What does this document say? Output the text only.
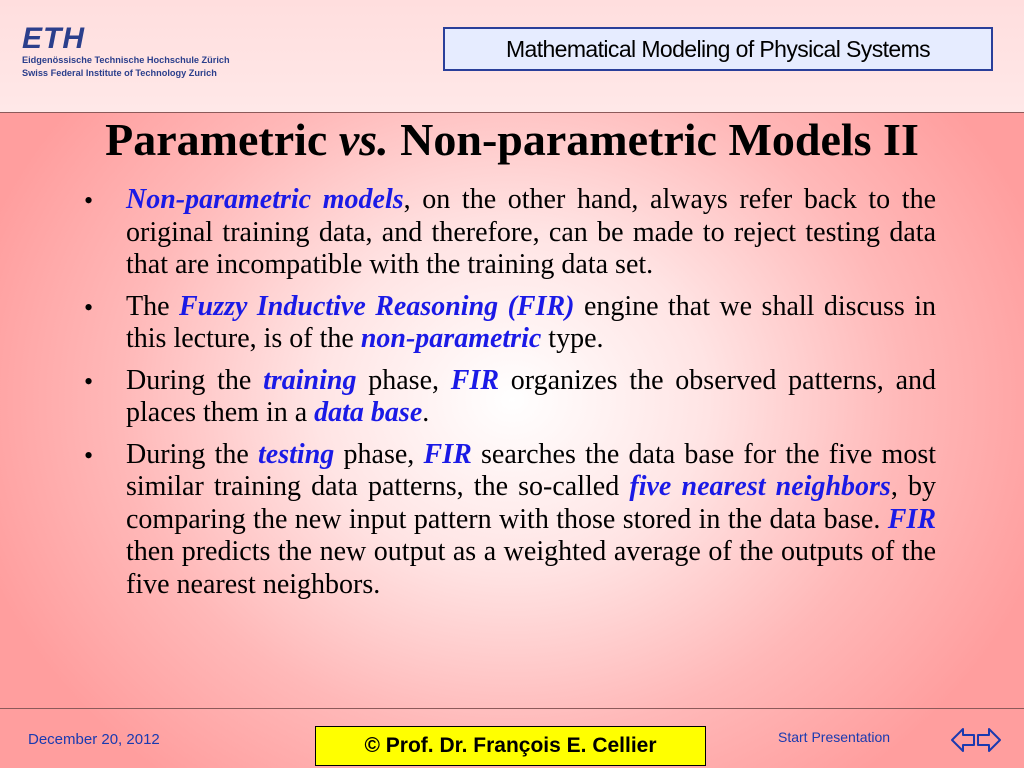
ETH
Eidgenössische Technische Hochschule Zürich
Swiss Federal Institute of Technology Zurich
Mathematical Modeling of Physical Systems
Parametric vs. Non-parametric Models II
• Non-parametric models, on the other hand, always refer back to the original training data, and therefore, can be made to reject testing data that are incompatible with the training data set.
• The Fuzzy Inductive Reasoning (FIR) engine that we shall discuss in this lecture, is of the non-parametric type.
• During the training phase, FIR organizes the observed patterns, and places them in a data base.
• During the testing phase, FIR searches the data base for the five most similar training data patterns, the so-called five nearest neighbors, by comparing the new input pattern with those stored in the data base. FIR then predicts the new output as a weighted average of the outputs of the five nearest neighbors.
December 20, 2012	© Prof. Dr. François E. Cellier	Start Presentation
